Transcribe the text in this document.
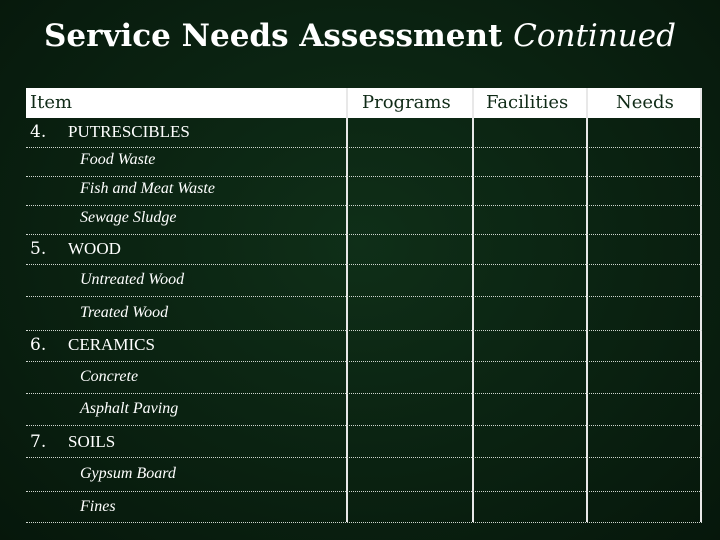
Service Needs Assessment Continued
Item	Programs Facilities	Needs
4. PUTRESCIBLES
Food Waste
Fish and Meat Waste
Sewage Sludge
5. WOOD
Untreated Wood
Treated Wood
6. CERAMICS
Concrete
Asphalt Paving
7. SOILS
Gypsum Board
Fines
